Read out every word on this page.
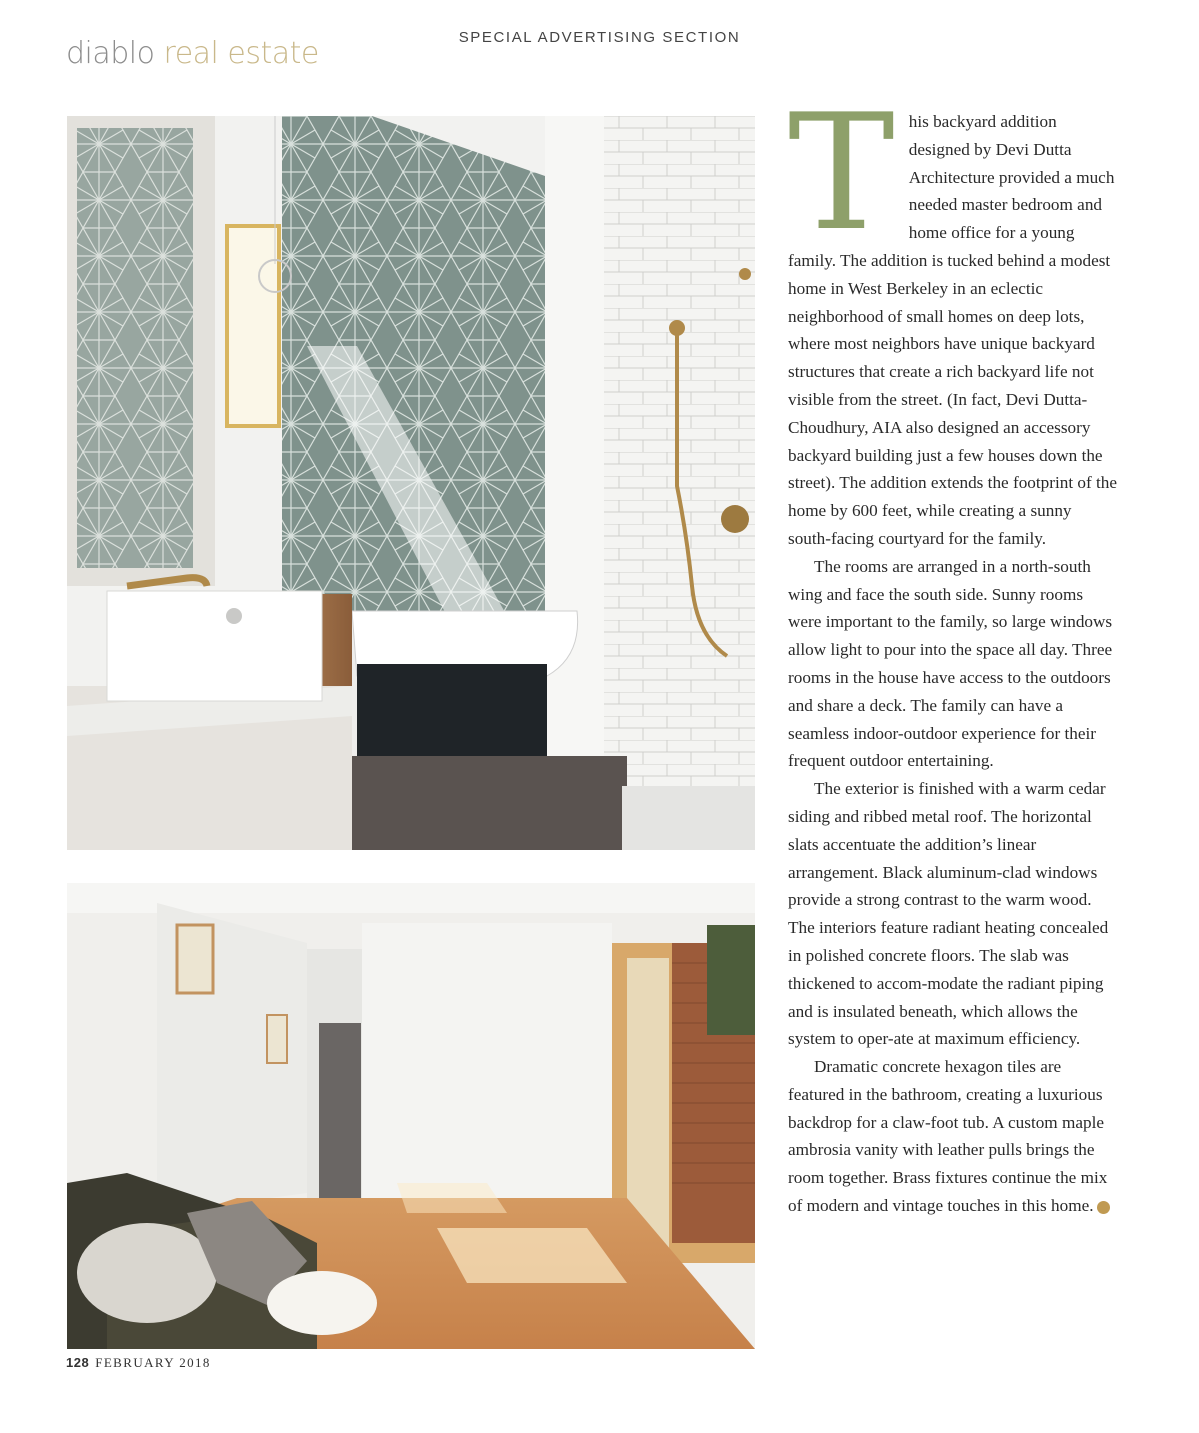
diablo real estate	SPECIAL ADVERTISING SECTION

This backyard addition designed by Devi Dutta Architecture provided a much needed master bedroom and home office for a young family. The addition is tucked behind a modest home in West Berkeley in an eclectic neighborhood of small homes on deep lots, where most neighbors have unique backyard structures that create a rich backyard life not visible from the street. (In fact, Devi Dutta-Choudhury, AIA also designed an accessory backyard building just a few houses down the street). The addition extends the footprint of the home by 600 feet, while creating a sunny south-facing courtyard for the family.

The rooms are arranged in a north-south wing and face the south side. Sunny rooms were important to the family, so large windows allow light to pour into the space all day. Three rooms in the house have access to the outdoors and share a deck. The family can have a seamless indoor-outdoor experience for their frequent outdoor entertaining.

The exterior is finished with a warm cedar siding and ribbed metal roof. The horizontal slats accentuate the addition’s linear arrangement. Black aluminum-clad windows provide a strong contrast to the warm wood. The interiors feature radiant heating concealed in polished concrete floors. The slab was thickened to accom-modate the radiant piping and is insulated beneath, which allows the system to oper-ate at maximum efficiency.

Dramatic concrete hexagon tiles are featured in the bathroom, creating a luxurious backdrop for a claw-foot tub. A custom maple ambrosia vanity with leather pulls brings the room together. Brass fixtures continue the mix of modern and vintage touches in this home.	d

128 FEBRUARY 2018
